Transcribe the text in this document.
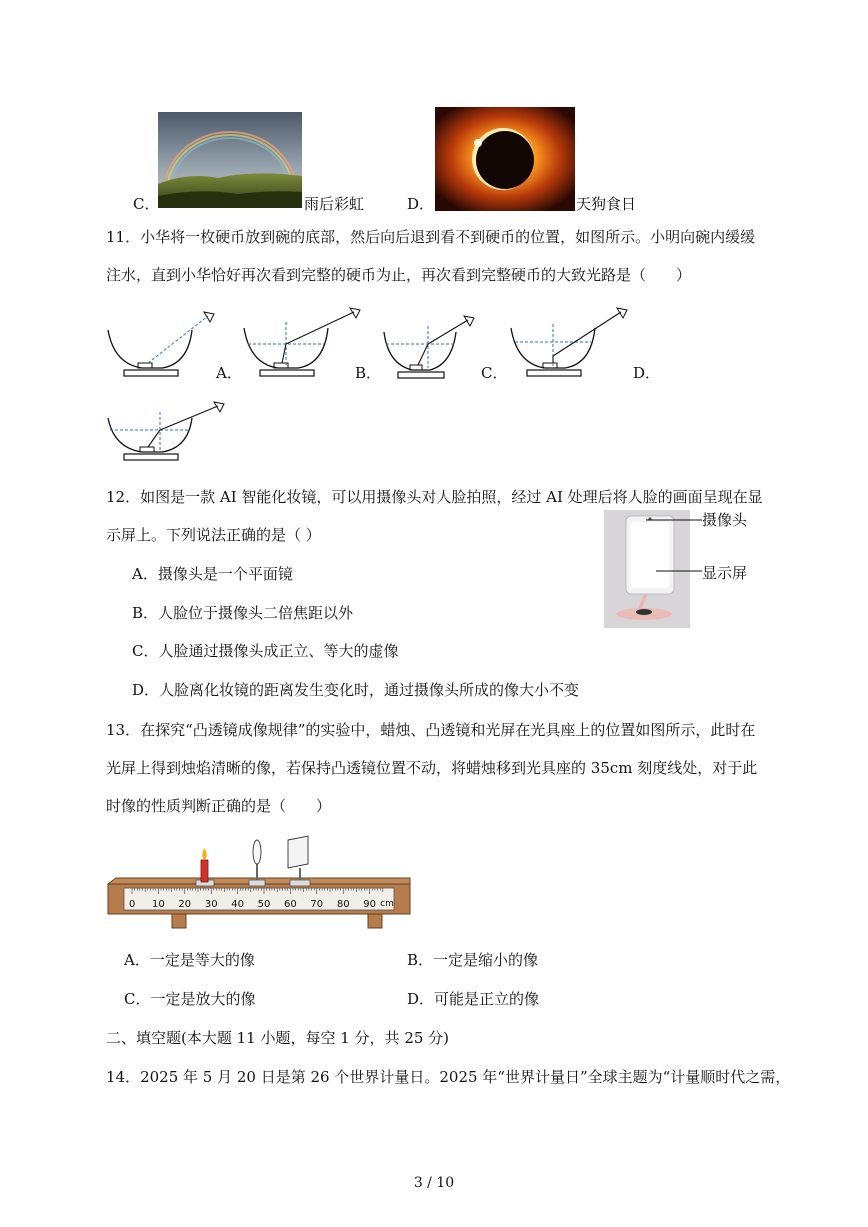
C．	雨后彩虹	D．	天狗食日
11．小华将一枚硬币放到碗的底部，然后向后退到看不到硬币的位置，如图所示。小明向碗内缓缓
注水，直到小华恰好再次看到完整的硬币为止，再次看到完整硬币的大致光路是（　　）
A．	B．	C．	D．
12．如图是一款 AI 智能化妆镜，可以用摄像头对人脸拍照，经过 AI 处理后将人脸的画面呈现在显
示屏上。下列说法正确的是（ ）
A．摄像头是一个平面镜
B．人脸位于摄像头二倍焦距以外
C．人脸通过摄像头成正立、等大的虚像
D．人脸离化妆镜的距离发生变化时，通过摄像头所成的像大小不变
摄像头
显示屏
13．在探究“凸透镜成像规律”的实验中，蜡烛、凸透镜和光屏在光具座上的位置如图所示，此时在
光屏上得到烛焰清晰的像，若保持凸透镜位置不动，将蜡烛移到光具座的 35cm 刻度线处，对于此
时像的性质判断正确的是（　　）
0 10 20 30 40 50 60 70 80 90 cm
A．一定是等大的像	B．一定是缩小的像
C．一定是放大的像	D．可能是正立的像
二、填空题(本大题 11 小题，每空 1 分，共 25 分)
14．2025 年 5 月 20 日是第 26 个世界计量日。2025 年“世界计量日”全球主题为“计量顺时代之需，
3 / 10
